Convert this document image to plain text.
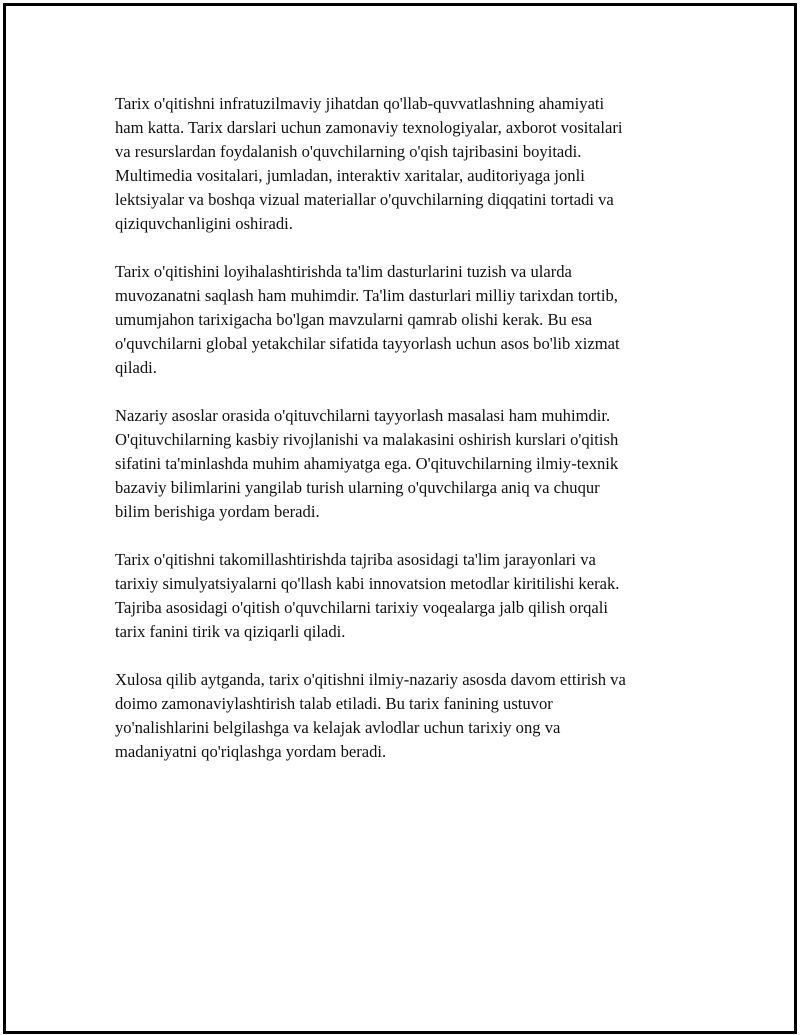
Tarix o'qitishni infratuzilmaviy jihatdan qo'llab-quvvatlashning ahamiyati
ham katta. Tarix darslari uchun zamonaviy texnologiyalar, axborot vositalari
va resurslardan foydalanish o'quvchilarning o'qish tajribasini boyitadi.
Multimedia vositalari, jumladan, interaktiv xaritalar, auditoriyaga jonli
lektsiyalar va boshqa vizual materiallar o'quvchilarning diqqatini tortadi va
qiziquvchanligini oshiradi.

Tarix o'qitishini loyihalashtirishda ta'lim dasturlarini tuzish va ularda
muvozanatni saqlash ham muhimdir. Ta'lim dasturlari milliy tarixdan tortib,
umumjahon tarixigacha bo'lgan mavzularni qamrab olishi kerak. Bu esa
o'quvchilarni global yetakchilar sifatida tayyorlash uchun asos bo'lib xizmat
qiladi.

Nazariy asoslar orasida o'qituvchilarni tayyorlash masalasi ham muhimdir.
O'qituvchilarning kasbiy rivojlanishi va malakasini oshirish kurslari o'qitish
sifatini ta'minlashda muhim ahamiyatga ega. O'qituvchilarning ilmiy-texnik
bazaviy bilimlarini yangilab turish ularning o'quvchilarga aniq va chuqur
bilim berishiga yordam beradi.

Tarix o'qitishni takomillashtirishda tajriba asosidagi ta'lim jarayonlari va
tarixiy simulyatsiyalarni qo'llash kabi innovatsion metodlar kiritilishi kerak.
Tajriba asosidagi o'qitish o'quvchilarni tarixiy voqealarga jalb qilish orqali
tarix fanini tirik va qiziqarli qiladi.

Xulosa qilib aytganda, tarix o'qitishni ilmiy-nazariy asosda davom ettirish va
doimo zamonaviylashtirish talab etiladi. Bu tarix fanining ustuvor
yo'nalishlarini belgilashga va kelajak avlodlar uchun tarixiy ong va
madaniyatni qo'riqlashga yordam beradi.
